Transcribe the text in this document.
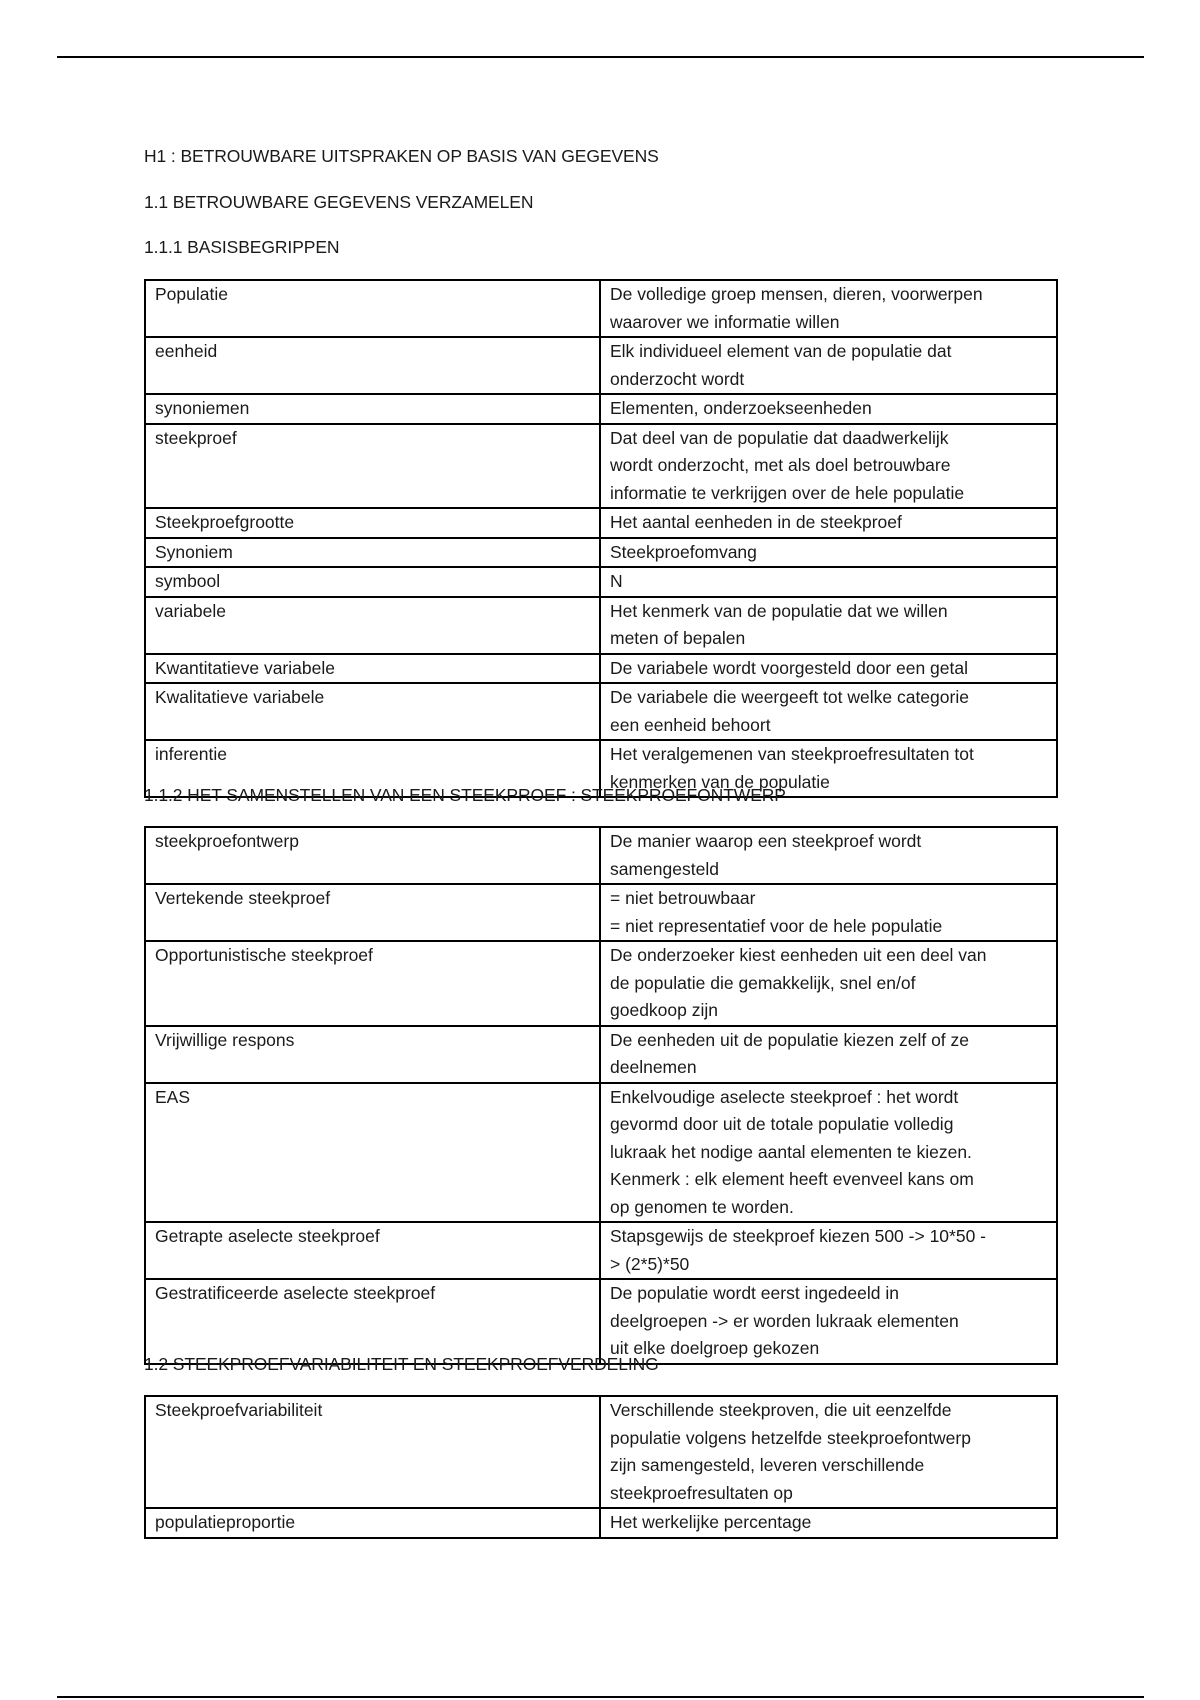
H1 : BETROUWBARE UITSPRAKEN OP BASIS VAN GEGEVENS
1.1 BETROUWBARE GEGEVENS VERZAMELEN
1.1.1 BASISBEGRIPPEN
Populatie	De volledige groep mensen, dieren, voorwerpen
waarover we informatie willen

eenheid	Elk individueel element van de populatie dat
onderzocht wordt

synoniemen	Elementen, onderzoekseenheden

steekproef	Dat deel van de populatie dat daadwerkelijk
wordt onderzocht, met als doel betrouwbare
informatie te verkrijgen over de hele populatie

Steekproefgrootte	Het aantal eenheden in de steekproef

Synoniem	Steekproefomvang

symbool	N

variabele	Het kenmerk van de populatie dat we willen
meten of bepalen

Kwantitatieve variabele	De variabele wordt voorgesteld door een getal

Kwalitatieve variabele	De variabele die weergeeft tot welke categorie
een eenheid behoort

inferentie	Het veralgemenen van steekproefresultaten tot
kenmerken van de populatie
1.1.2 HET SAMENSTELLEN VAN EEN STEEKPROEF : STEEKPROEFONTWERP
steekproefontwerp	De manier waarop een steekproef wordt
samengesteld

Vertekende steekproef	= niet betrouwbaar
= niet representatief voor de hele populatie

Opportunistische steekproef	De onderzoeker kiest eenheden uit een deel van
de populatie die gemakkelijk, snel en/of
goedkoop zijn

Vrijwillige respons	De eenheden uit de populatie kiezen zelf of ze
deelnemen

EAS	Enkelvoudige aselecte steekproef : het wordt
gevormd door uit de totale populatie volledig
lukraak het nodige aantal elementen te kiezen.
Kenmerk : elk element heeft evenveel kans om
op genomen te worden.

Getrapte aselecte steekproef	Stapsgewijs de steekproef kiezen 500 -> 10*50 -
> (2*5)*50

Gestratificeerde aselecte steekproef	De populatie wordt eerst ingedeeld in
deelgroepen -> er worden lukraak elementen
uit elke doelgroep gekozen
1.2 STEEKPROEFVARIABILITEIT EN STEEKPROEFVERDELING
Steekproefvariabiliteit	Verschillende steekproven, die uit eenzelfde
populatie volgens hetzelfde steekproefontwerp
zijn samengesteld, leveren verschillende
steekproefresultaten op

populatieproportie	Het werkelijke percentage
